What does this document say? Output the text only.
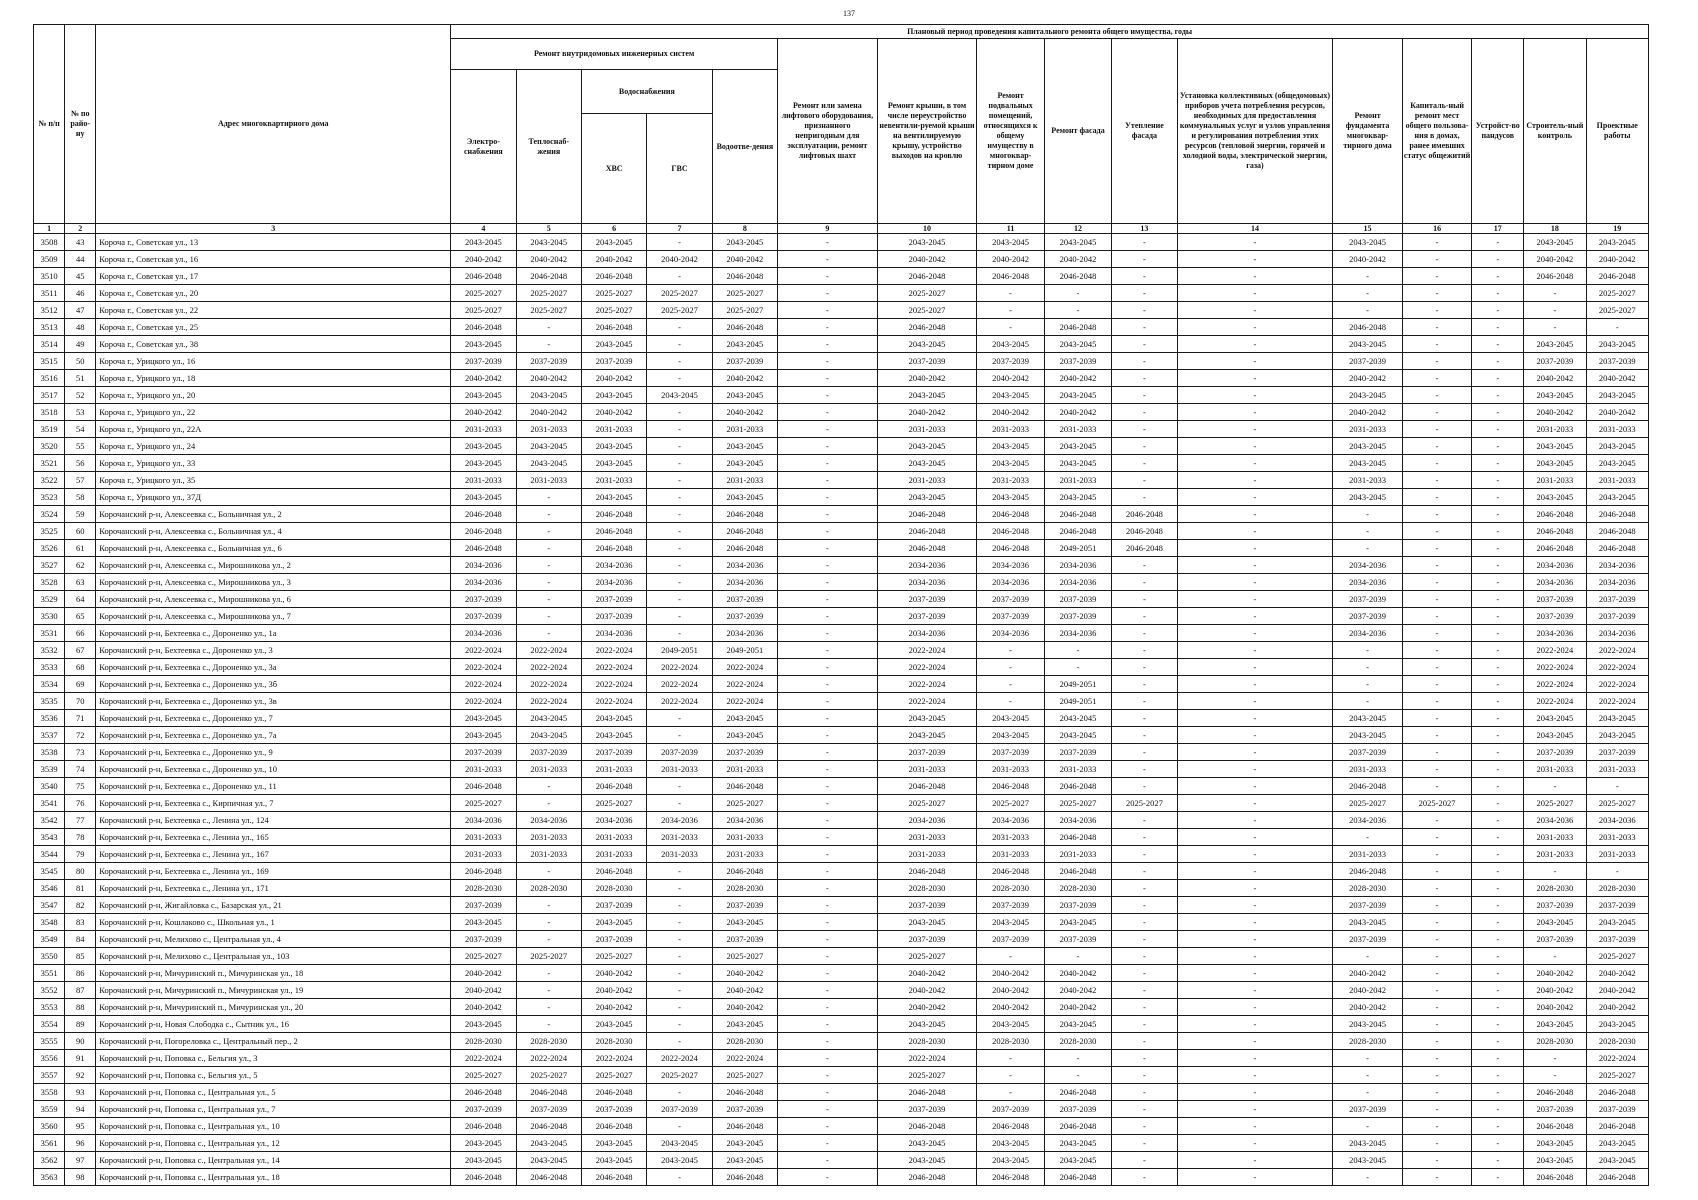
137
№ п/п	№ по райо-ну	Адрес многоквартирного дома	Плановый период проведения капитального ремонта общего имущества, годы															
			Ремонт внутридомовых инженерных систем					Ремонт или замена лифтового оборудования, признанного непригодным для эксплуатации, ремонт лифтовых шахт	Ремонт крыши, в том числе переустройство невентили-руемой крыши на вентилируемую крышу, устройство выходов на кровлю	Ремонт подвальных помещений, относящихся к общему имуществу в многоквар-тирном доме	Ремонт фасада	Утепление фасада	Установка коллективных (общедомовых) приборов учета потребления ресурсов, необходимых для предоставления коммунальных услуг и узлов управления и регулирования потребления этих ресурсов (тепловой энергии, горячей и холодной воды, электрической энергии, газа)	Ремонт фундамента многоквар-тирного дома	Капиталь-ный ремонт мест общего пользова-ния в домах, ранее имевших статус общежитий	Устройст-во пандусов	Строитель-ный контроль	Проектные работы
			Электро-снабжения	Теплоснаб-жения	Водоснабжения		Водоотве-дения											
					ХВС	ГВС												
1	2	3	4	5	6	7	8	9	10	11	12	13	14	15	16	17	18	19
3508	43	Короча г., Советская ул., 13	2043-2045	2043-2045	2043-2045	-	2043-2045	-	2043-2045	2043-2045	2043-2045	-	-	2043-2045	-	-	2043-2045	2043-2045
3509	44	Короча г., Советская ул., 16	2040-2042	2040-2042	2040-2042	2040-2042	2040-2042	-	2040-2042	2040-2042	2040-2042	-	-	2040-2042	-	-	2040-2042	2040-2042
3510	45	Короча г., Советская ул., 17	2046-2048	2046-2048	2046-2048	-	2046-2048	-	2046-2048	2046-2048	2046-2048	-	-	-	-	-	2046-2048	2046-2048
3511	46	Короча г., Советская ул., 20	2025-2027	2025-2027	2025-2027	2025-2027	2025-2027	-	2025-2027	-	-	-	-	-	-	-	-	2025-2027
3512	47	Короча г., Советская ул., 22	2025-2027	2025-2027	2025-2027	2025-2027	2025-2027	-	2025-2027	-	-	-	-	-	-	-	-	2025-2027
3513	48	Короча г., Советская ул., 25	2046-2048	-	2046-2048	-	2046-2048	-	2046-2048	-	2046-2048	-	-	2046-2048	-	-	-	-
3514	49	Короча г., Советская ул., 38	2043-2045	-	2043-2045	-	2043-2045	-	2043-2045	2043-2045	2043-2045	-	-	2043-2045	-	-	2043-2045	2043-2045
3515	50	Короча г., Урицкого ул., 16	2037-2039	2037-2039	2037-2039	-	2037-2039	-	2037-2039	2037-2039	2037-2039	-	-	2037-2039	-	-	2037-2039	2037-2039
3516	51	Короча г., Урицкого ул., 18	2040-2042	2040-2042	2040-2042	-	2040-2042	-	2040-2042	2040-2042	2040-2042	-	-	2040-2042	-	-	2040-2042	2040-2042
3517	52	Короча г., Урицкого ул., 20	2043-2045	2043-2045	2043-2045	2043-2045	2043-2045	-	2043-2045	2043-2045	2043-2045	-	-	2043-2045	-	-	2043-2045	2043-2045
3518	53	Короча г., Урицкого ул., 22	2040-2042	2040-2042	2040-2042	-	2040-2042	-	2040-2042	2040-2042	2040-2042	-	-	2040-2042	-	-	2040-2042	2040-2042
3519	54	Короча г., Урицкого ул., 22А	2031-2033	2031-2033	2031-2033	-	2031-2033	-	2031-2033	2031-2033	2031-2033	-	-	2031-2033	-	-	2031-2033	2031-2033
3520	55	Короча г., Урицкого ул., 24	2043-2045	2043-2045	2043-2045	-	2043-2045	-	2043-2045	2043-2045	2043-2045	-	-	2043-2045	-	-	2043-2045	2043-2045
3521	56	Короча г., Урицкого ул., 33	2043-2045	2043-2045	2043-2045	-	2043-2045	-	2043-2045	2043-2045	2043-2045	-	-	2043-2045	-	-	2043-2045	2043-2045
3522	57	Короча г., Урицкого ул., 35	2031-2033	2031-2033	2031-2033	-	2031-2033	-	2031-2033	2031-2033	2031-2033	-	-	2031-2033	-	-	2031-2033	2031-2033
3523	58	Короча г., Урицкого ул., 37Д	2043-2045	-	2043-2045	-	2043-2045	-	2043-2045	2043-2045	2043-2045	-	-	2043-2045	-	-	2043-2045	2043-2045
3524	59	Корочанский р-н, Алексеевка с., Больничная ул., 2	2046-2048	-	2046-2048	-	2046-2048	-	2046-2048	2046-2048	2046-2048	2046-2048	-	-	-	-	2046-2048	2046-2048
3525	60	Корочанский р-н, Алексеевка с., Больничная ул., 4	2046-2048	-	2046-2048	-	2046-2048	-	2046-2048	2046-2048	2046-2048	2046-2048	-	-	-	-	2046-2048	2046-2048
3526	61	Корочанский р-н, Алексеевка с., Больничная ул., 6	2046-2048	-	2046-2048	-	2046-2048	-	2046-2048	2046-2048	2049-2051	2046-2048	-	-	-	-	2046-2048	2046-2048
3527	62	Корочанский р-н, Алексеевка с., Мирошникова ул., 2	2034-2036	-	2034-2036	-	2034-2036	-	2034-2036	2034-2036	2034-2036	-	-	2034-2036	-	-	2034-2036	2034-2036
3528	63	Корочанский р-н, Алексеевка с., Мирошникова ул., 3	2034-2036	-	2034-2036	-	2034-2036	-	2034-2036	2034-2036	2034-2036	-	-	2034-2036	-	-	2034-2036	2034-2036
3529	64	Корочанский р-н, Алексеевка с., Мирошникова ул., 6	2037-2039	-	2037-2039	-	2037-2039	-	2037-2039	2037-2039	2037-2039	-	-	2037-2039	-	-	2037-2039	2037-2039
3530	65	Корочанский р-н, Алексеевка с., Мирошникова ул., 7	2037-2039	-	2037-2039	-	2037-2039	-	2037-2039	2037-2039	2037-2039	-	-	2037-2039	-	-	2037-2039	2037-2039
3531	66	Корочанский р-н, Бехтеевка с., Дороненко ул., 1а	2034-2036	-	2034-2036	-	2034-2036	-	2034-2036	2034-2036	2034-2036	-	-	2034-2036	-	-	2034-2036	2034-2036
3532	67	Корочанский р-н, Бехтеевка с., Дороненко ул., 3	2022-2024	2022-2024	2022-2024	2049-2051	2049-2051	-	2022-2024	-	-	-	-	-	-	-	2022-2024	2022-2024
3533	68	Корочанский р-н, Бехтеевка с., Дороненко ул., 3а	2022-2024	2022-2024	2022-2024	2022-2024	2022-2024	-	2022-2024	-	-	-	-	-	-	-	2022-2024	2022-2024
3534	69	Корочанский р-н, Бехтеевка с., Дороненко ул., 3б	2022-2024	2022-2024	2022-2024	2022-2024	2022-2024	-	2022-2024	-	2049-2051	-	-	-	-	-	2022-2024	2022-2024
3535	70	Корочанский р-н, Бехтеевка с., Дороненко ул., 3в	2022-2024	2022-2024	2022-2024	2022-2024	2022-2024	-	2022-2024	-	2049-2051	-	-	-	-	-	2022-2024	2022-2024
3536	71	Корочанский р-н, Бехтеевка с., Дороненко ул., 7	2043-2045	2043-2045	2043-2045	-	2043-2045	-	2043-2045	2043-2045	2043-2045	-	-	2043-2045	-	-	2043-2045	2043-2045
3537	72	Корочанский р-н, Бехтеевка с., Дороненко ул., 7а	2043-2045	2043-2045	2043-2045	-	2043-2045	-	2043-2045	2043-2045	2043-2045	-	-	2043-2045	-	-	2043-2045	2043-2045
3538	73	Корочанский р-н, Бехтеевка с., Дороненко ул., 9	2037-2039	2037-2039	2037-2039	2037-2039	2037-2039	-	2037-2039	2037-2039	2037-2039	-	-	2037-2039	-	-	2037-2039	2037-2039
3539	74	Корочанский р-н, Бехтеевка с., Дороненко ул., 10	2031-2033	2031-2033	2031-2033	2031-2033	2031-2033	-	2031-2033	2031-2033	2031-2033	-	-	2031-2033	-	-	2031-2033	2031-2033
3540	75	Корочанский р-н, Бехтеевка с., Дороненко ул., 11	2046-2048	-	2046-2048	-	2046-2048	-	2046-2048	2046-2048	2046-2048	-	-	2046-2048	-	-	-	-
3541	76	Корочанский р-н, Бехтеевка с., Кирпичная ул., 7	2025-2027	-	2025-2027	-	2025-2027	-	2025-2027	2025-2027	2025-2027	2025-2027	-	2025-2027	2025-2027	-	2025-2027	2025-2027
3542	77	Корочанский р-н, Бехтеевка с., Ленина ул., 124	2034-2036	2034-2036	2034-2036	2034-2036	2034-2036	-	2034-2036	2034-2036	2034-2036	-	-	2034-2036	-	-	2034-2036	2034-2036
3543	78	Корочанский р-н, Бехтеевка с., Ленина ул., 165	2031-2033	2031-2033	2031-2033	2031-2033	2031-2033	-	2031-2033	2031-2033	2046-2048	-	-	-	-	-	2031-2033	2031-2033
3544	79	Корочанский р-н, Бехтеевка с., Ленина ул., 167	2031-2033	2031-2033	2031-2033	2031-2033	2031-2033	-	2031-2033	2031-2033	2031-2033	-	-	2031-2033	-	-	2031-2033	2031-2033
3545	80	Корочанский р-н, Бехтеевка с., Ленина ул., 169	2046-2048	-	2046-2048	-	2046-2048	-	2046-2048	2046-2048	2046-2048	-	-	2046-2048	-	-	-	-
3546	81	Корочанский р-н, Бехтеевка с., Ленина ул., 171	2028-2030	2028-2030	2028-2030	-	2028-2030	-	2028-2030	2028-2030	2028-2030	-	-	2028-2030	-	-	2028-2030	2028-2030
3547	82	Корочанский р-н, Жигайловка с., Базарская ул., 21	2037-2039	-	2037-2039	-	2037-2039	-	2037-2039	2037-2039	2037-2039	-	-	2037-2039	-	-	2037-2039	2037-2039
3548	83	Корочанский р-н, Кошлаково с., Школьная ул., 1	2043-2045	-	2043-2045	-	2043-2045	-	2043-2045	2043-2045	2043-2045	-	-	2043-2045	-	-	2043-2045	2043-2045
3549	84	Корочанский р-н, Мелихово с., Центральная ул., 4	2037-2039	-	2037-2039	-	2037-2039	-	2037-2039	2037-2039	2037-2039	-	-	2037-2039	-	-	2037-2039	2037-2039
3550	85	Корочанский р-н, Мелихово с., Центральная ул., 103	2025-2027	2025-2027	2025-2027	-	2025-2027	-	2025-2027	-	-	-	-	-	-	-	-	2025-2027
3551	86	Корочанский р-н, Мичуринский п., Мичуринская ул., 18	2040-2042	-	2040-2042	-	2040-2042	-	2040-2042	2040-2042	2040-2042	-	-	2040-2042	-	-	2040-2042	2040-2042
3552	87	Корочанский р-н, Мичуринский п., Мичуринская ул., 19	2040-2042	-	2040-2042	-	2040-2042	-	2040-2042	2040-2042	2040-2042	-	-	2040-2042	-	-	2040-2042	2040-2042
3553	88	Корочанский р-н, Мичуринский п., Мичуринская ул., 20	2040-2042	-	2040-2042	-	2040-2042	-	2040-2042	2040-2042	2040-2042	-	-	2040-2042	-	-	2040-2042	2040-2042
3554	89	Корочанский р-н, Новая Слободка с., Сытник ул., 16	2043-2045	-	2043-2045	-	2043-2045	-	2043-2045	2043-2045	2043-2045	-	-	2043-2045	-	-	2043-2045	2043-2045
3555	90	Корочанский р-н, Погореловка с., Центральный пер., 2	2028-2030	2028-2030	2028-2030	-	2028-2030	-	2028-2030	2028-2030	2028-2030	-	-	2028-2030	-	-	2028-2030	2028-2030
3556	91	Корочанский р-н, Поповка с., Бельгия ул., 3	2022-2024	2022-2024	2022-2024	2022-2024	2022-2024	-	2022-2024	-	-	-	-	-	-	-	-	2022-2024
3557	92	Корочанский р-н, Поповка с., Бельгия ул., 5	2025-2027	2025-2027	2025-2027	2025-2027	2025-2027	-	2025-2027	-	-	-	-	-	-	-	-	2025-2027
3558	93	Корочанский р-н, Поповка с., Центральная ул., 5	2046-2048	2046-2048	2046-2048	-	2046-2048	-	2046-2048	-	2046-2048	-	-	-	-	-	2046-2048	2046-2048
3559	94	Корочанский р-н, Поповка с., Центральная ул., 7	2037-2039	2037-2039	2037-2039	2037-2039	2037-2039	-	2037-2039	2037-2039	2037-2039	-	-	2037-2039	-	-	2037-2039	2037-2039
3560	95	Корочанский р-н, Поповка с., Центральная ул., 10	2046-2048	2046-2048	2046-2048	-	2046-2048	-	2046-2048	2046-2048	2046-2048	-	-	-	-	-	2046-2048	2046-2048
3561	96	Корочанский р-н, Поповка с., Центральная ул., 12	2043-2045	2043-2045	2043-2045	2043-2045	2043-2045	-	2043-2045	2043-2045	2043-2045	-	-	2043-2045	-	-	2043-2045	2043-2045
3562	97	Корочанский р-н, Поповка с., Центральная ул., 14	2043-2045	2043-2045	2043-2045	2043-2045	2043-2045	-	2043-2045	2043-2045	2043-2045	-	-	2043-2045	-	-	2043-2045	2043-2045
3563	98	Корочанский р-н, Поповка с., Центральная ул., 18	2046-2048	2046-2048	2046-2048	-	2046-2048	-	2046-2048	2046-2048	2046-2048	-	-	-	-	-	2046-2048	2046-2048
